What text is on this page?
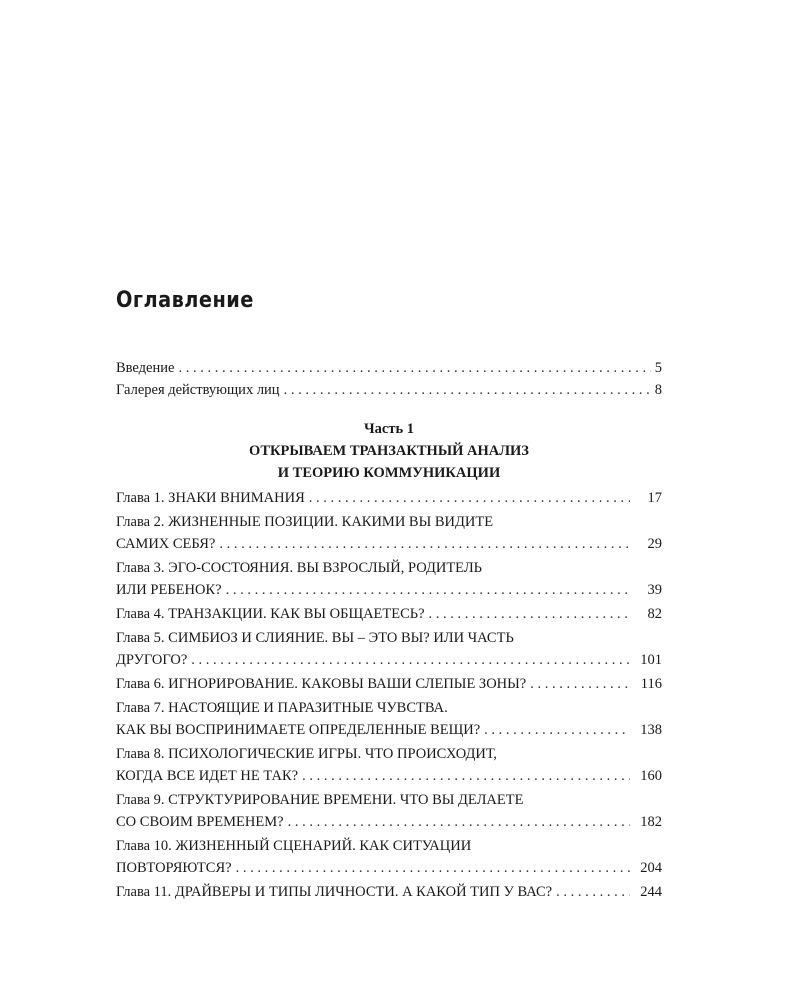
Оглавление
Введение . . .	5
Галерея действующих лиц . . .	8
Часть 1
ОТКРЫВАЕМ ТРАНЗАКТНЫЙ АНАЛИЗ
И ТЕОРИЮ КОММУНИКАЦИИ
Глава 1. ЗНАКИ ВНИМАНИЯ . . .	17
Глава 2. ЖИЗНЕННЫЕ ПОЗИЦИИ. КАКИМИ ВЫ ВИДИТЕ
САМИХ СЕБЯ? . . .	29
Глава 3. ЭГО-СОСТОЯНИЯ. ВЫ ВЗРОСЛЫЙ, РОДИТЕЛЬ
ИЛИ РЕБЕНОК? . . .	39
Глава 4. ТРАНЗАКЦИИ. КАК ВЫ ОБЩАЕТЕСЬ? . . .	82
Глава 5. СИМБИОЗ И СЛИЯНИЕ. ВЫ – ЭТО ВЫ? ИЛИ ЧАСТЬ
ДРУГОГО? . . .	101
Глава 6. ИГНОРИРОВАНИЕ. КАКОВЫ ВАШИ СЛЕПЫЕ ЗОНЫ? . . .	116
Глава 7. НАСТОЯЩИЕ И ПАРАЗИТНЫЕ ЧУВСТВА.
КАК ВЫ ВОСПРИНИМАЕТЕ ОПРЕДЕЛЕННЫЕ ВЕЩИ? . . .	138
Глава 8. ПСИХОЛОГИЧЕСКИЕ ИГРЫ. ЧТО ПРОИСХОДИТ,
КОГДА ВСЕ ИДЕТ НЕ ТАК? . . .	160
Глава 9. СТРУКТУРИРОВАНИЕ ВРЕМЕНИ. ЧТО ВЫ ДЕЛАЕТЕ
СО СВОИМ ВРЕМЕНЕМ? . . .	182
Глава 10. ЖИЗНЕННЫЙ СЦЕНАРИЙ. КАК СИТУАЦИИ
ПОВТОРЯЮТСЯ? . . .	204
Глава 11. ДРАЙВЕРЫ И ТИПЫ ЛИЧНОСТИ. А КАКОЙ ТИП У ВАС? . . .	244
